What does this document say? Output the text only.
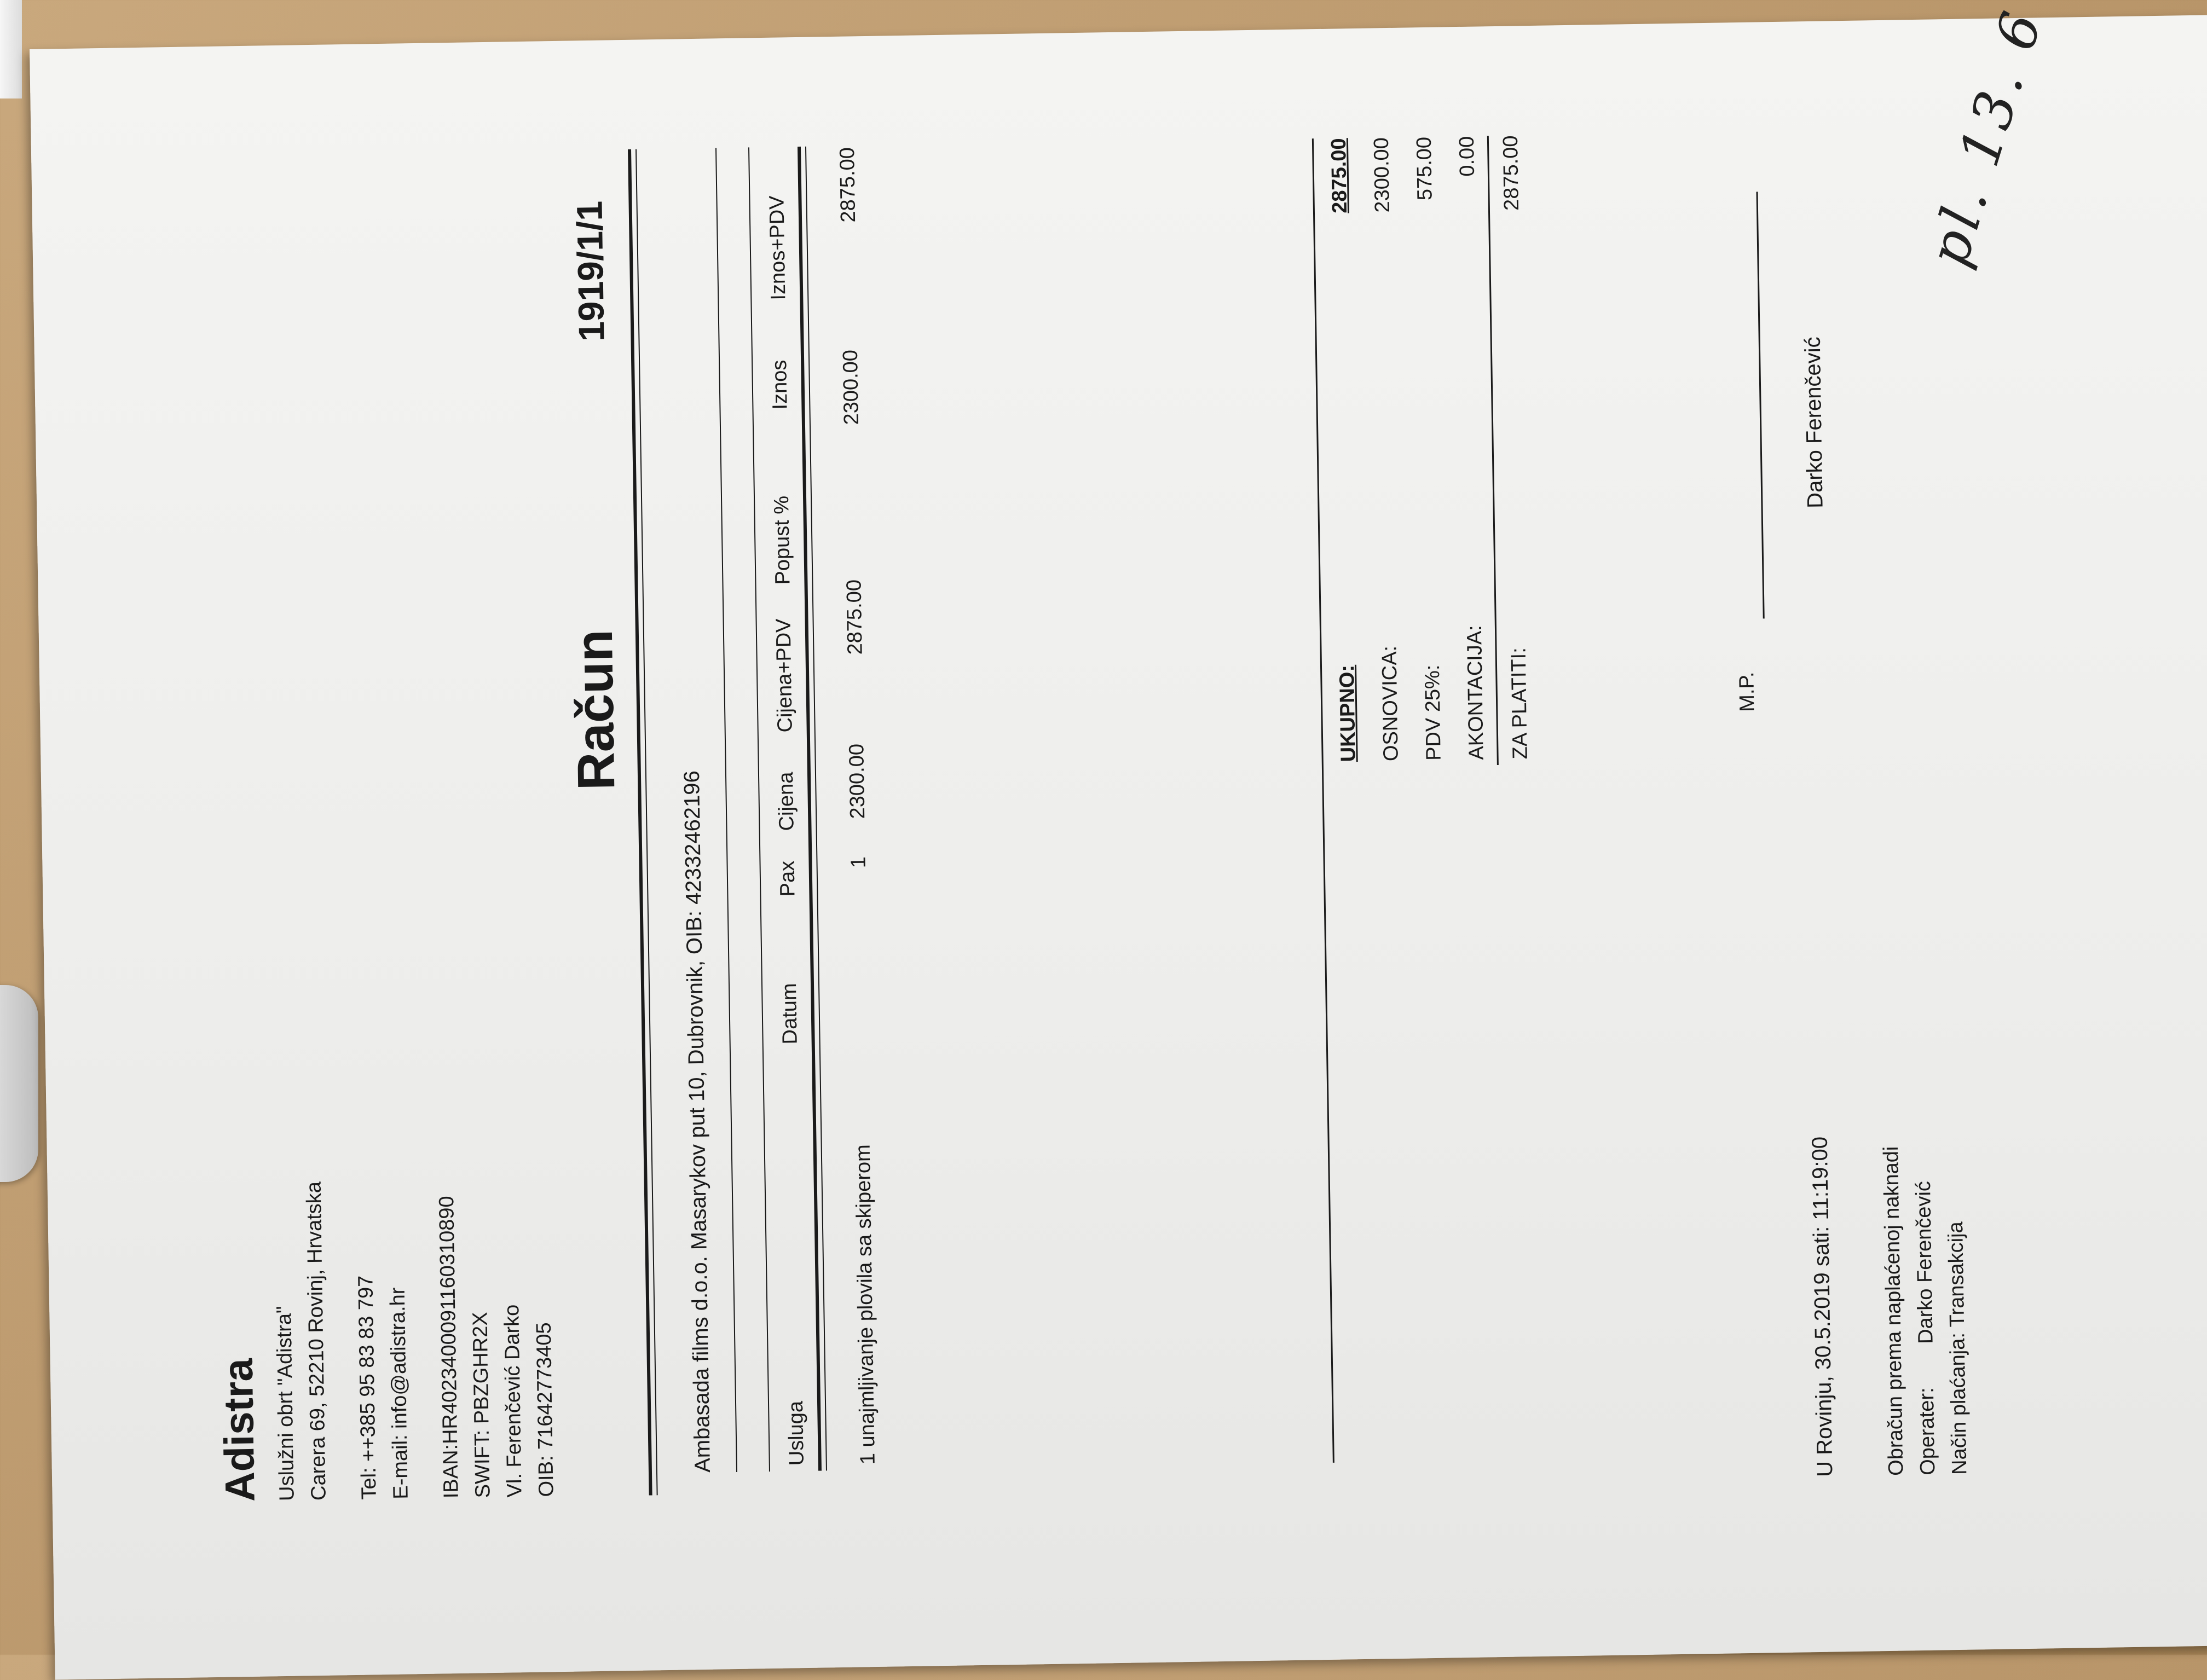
Adistra Uslužni obrt "Adistra" Carera 69, 52210 Rovinj, Hrvatska Tel: ++385 95 83 83 797 E-mail: info@adistra.hr IBAN:HR4023400091160310890 SWIFT: PBZGHR2X Vl. Ferenčević Darko OIB: 71642773405
Račun
1919/1/1
Ambasada films d.o.o. Masarykov put 10, Dubrovnik, OIB: 42332462196	Usluga
Datum
Pax
Cijena
Cijena+PDV
Popust %
Iznos
Iznos+PDV
1 unajmljivanje plovila sa skiperom
1
2300.00
2875.00
2300.00
2875.00
UKUPNO:
2875.00
OSNOVICA:
2300.00
PDV 25%:
575.00
AKONTACIJA:
0.00
ZA PLATITI:
2875.00
M.P.
Darko Ferenčević
U Rovinju, 30.5.2019 sati: 11:19:00 Obračun prema naplaćenoj naknadi Operater:
Darko Ferenčević Način plaćanja: Transakcija
pl. 13. 6
